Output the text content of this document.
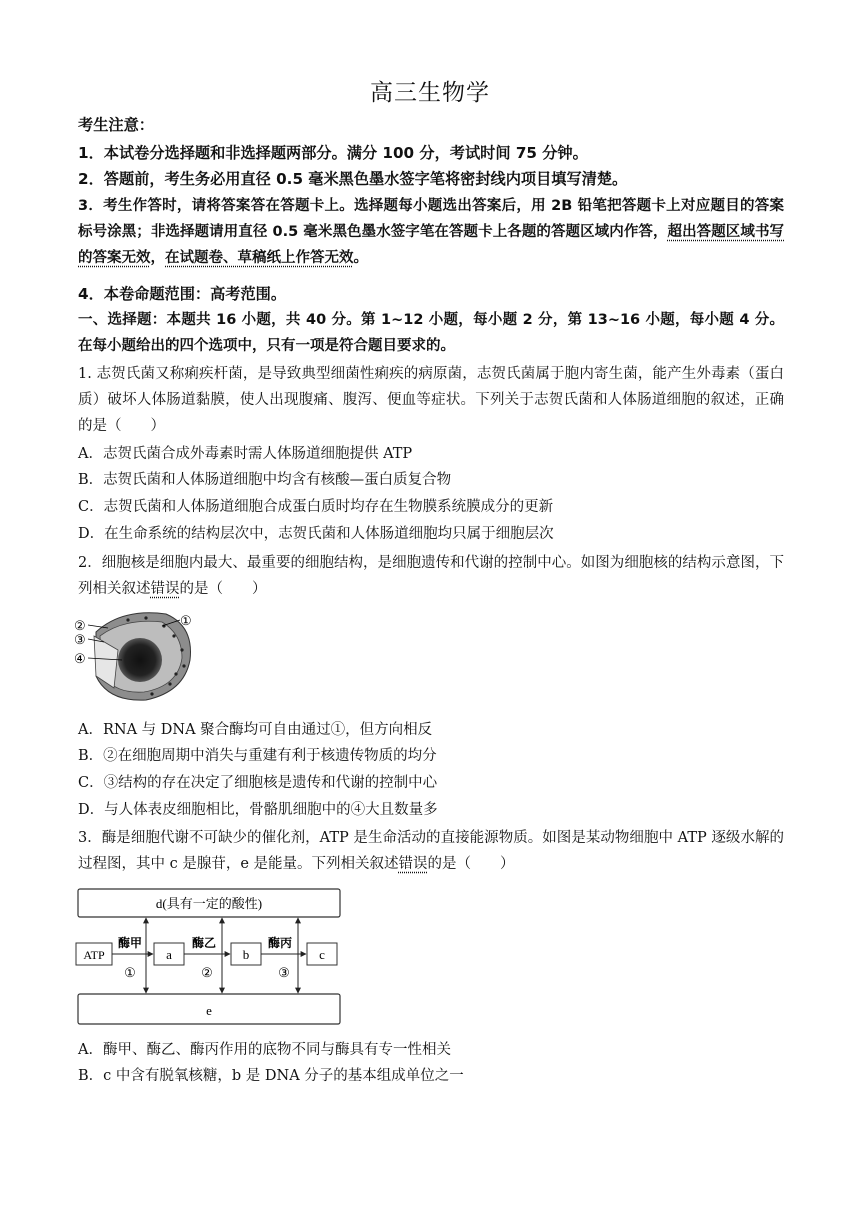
高三生物学
考生注意：
1．本试卷分选择题和非选择题两部分。满分 100 分，考试时间 75 分钟。
2．答题前，考生务必用直径 0.5 毫米黑色墨水签字笔将密封线内项目填写清楚。
3．考生作答时，请将答案答在答题卡上。选择题每小题选出答案后，用 2B 铅笔把答题卡上对应题目的答案标号涂黑；非选择题请用直径 0.5 毫米黑色墨水签字笔在答题卡上各题的答题区域内作答，超出答题区域书写的答案无效，在试题卷、草稿纸上作答无效。
4．本卷命题范围：高考范围。
一、选择题：本题共 16 小题，共 40 分。第 1~12 小题，每小题 2 分，第 13~16 小题，每小题 4 分。在每小题给出的四个选项中，只有一项是符合题目要求的。
1. 志贺氏菌又称痢疾杆菌，是导致典型细菌性痢疾的病原菌，志贺氏菌属于胞内寄生菌，能产生外毒素（蛋白质）破坏人体肠道黏膜，使人出现腹痛、腹泻、便血等症状。下列关于志贺氏菌和人体肠道细胞的叙述，正确的是（　　）
A．志贺氏菌合成外毒素时需人体肠道细胞提供 ATP
B．志贺氏菌和人体肠道细胞中均含有核酸—蛋白质复合物
C．志贺氏菌和人体肠道细胞合成蛋白质时均存在生物膜系统膜成分的更新
D．在生命系统的结构层次中，志贺氏菌和人体肠道细胞均只属于细胞层次
2．细胞核是细胞内最大、最重要的细胞结构，是细胞遗传和代谢的控制中心。如图为细胞核的结构示意图，下列相关叙述错误的是（　　）
②
③
④
①
A．RNA 与 DNA 聚合酶均可自由通过①，但方向相反
B．②在细胞周期中消失与重建有利于核遗传物质的均分
C．③结构的存在决定了细胞核是遗传和代谢的控制中心
D．与人体表皮细胞相比，骨骼肌细胞中的④大且数量多
3．酶是细胞代谢不可缺少的催化剂，ATP 是生命活动的直接能源物质。如图是某动物细胞中 ATP 逐级水解的过程图，其中 c 是腺苷，e 是能量。下列相关叙述错误的是（　　）
d(具有一定的酸性)
e
ATP	a	b	c
酶甲	酶乙	酶丙
①	②	③
A．酶甲、酶乙、酶丙作用的底物不同与酶具有专一性相关
B．c 中含有脱氧核糖，b 是 DNA 分子的基本组成单位之一
